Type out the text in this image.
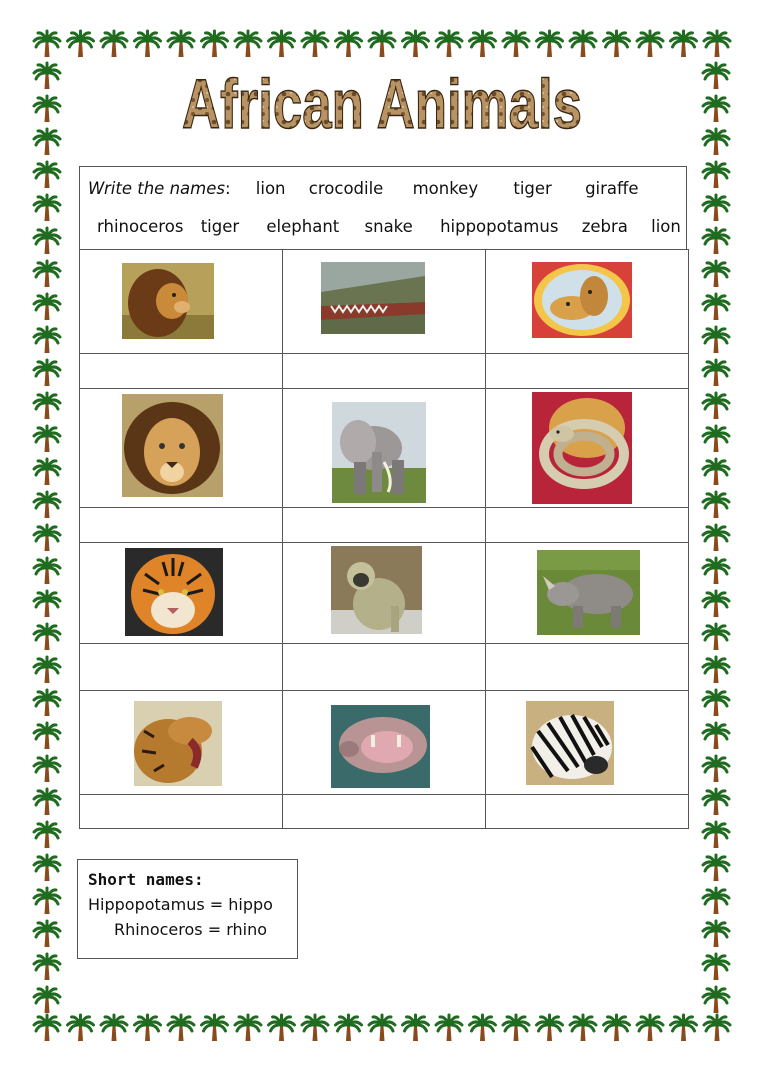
African Animals
Write the names: lion crocodile monkey tiger giraffe
rhinoceros tiger elephant snake hippopotamus zebra lion

Short names:
Hippopotamus = hippo
Rhinoceros = rhino
